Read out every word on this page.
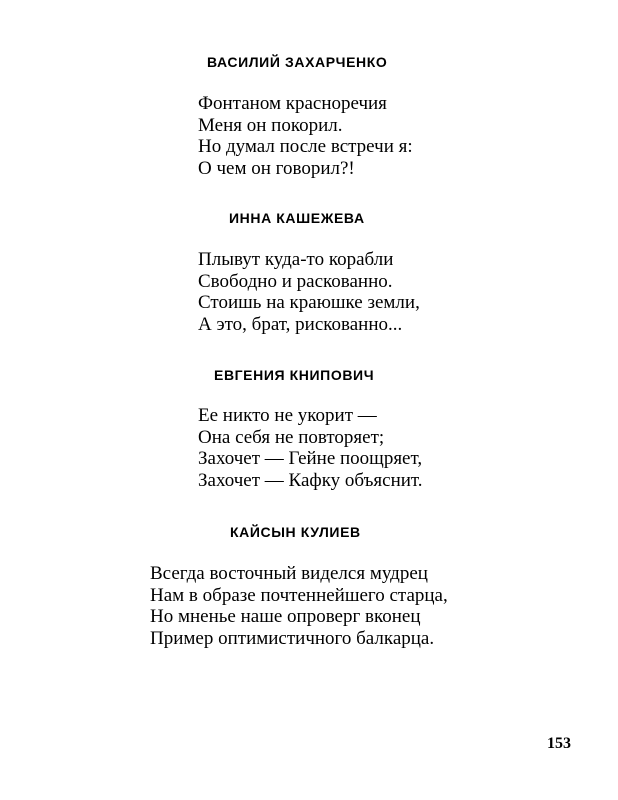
ВАСИЛИЙ ЗАХАРЧЕНКО
Фонтаном красноречия
Меня он покорил.
Но думал после встречи я:
О чем он говорил?!
ИННА КАШЕЖЕВА
Плывут куда-то корабли
Свободно и раскованно.
Стоишь на краюшке земли,
А это, брат, рискованно...
ЕВГЕНИЯ КНИПОВИЧ
Ее никто не укорит —
Она себя не повторяет;
Захочет — Гейне поощряет,
Захочет — Кафку объяснит.
КАЙСЫН КУЛИЕВ
Всегда восточный виделся мудрец
Нам в образе почтеннейшего старца,
Но мненье наше опроверг вконец
Пример оптимистичного балкарца.
153
